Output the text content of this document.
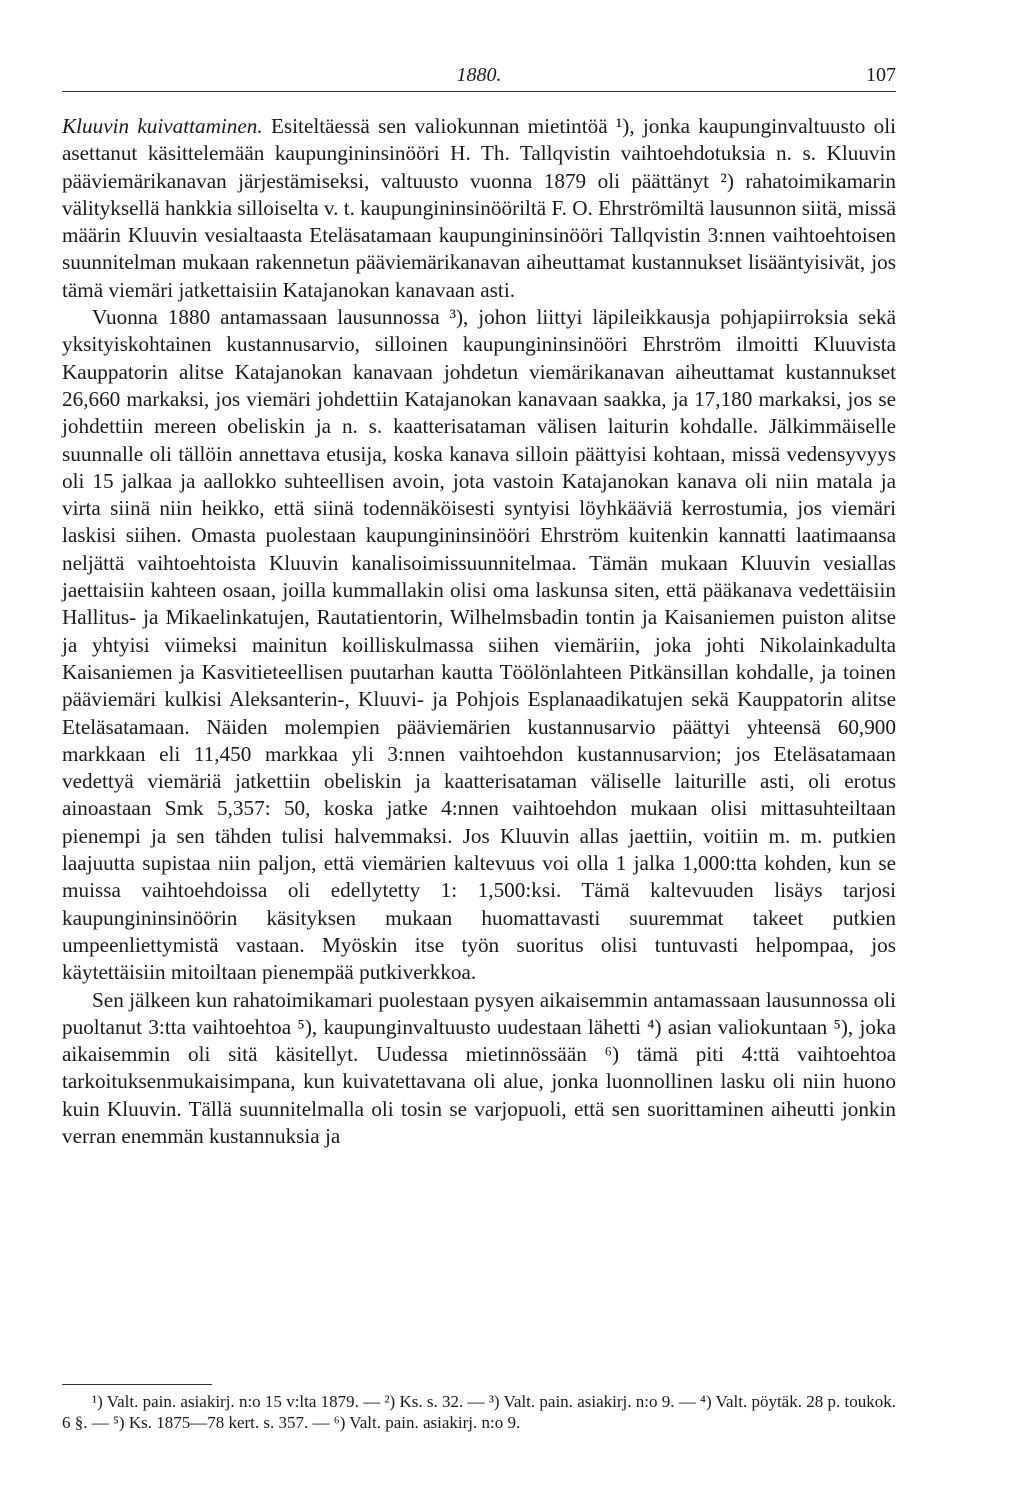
1880.	107

Kluuvin kuivattaminen. Esiteltäessä sen valiokunnan mietintöä ¹), jonka kaupunginvaltuusto oli asettanut käsittelemään kaupungininsinööri H. Th. Tallqvistin vaihtoehdotuksia n. s. Kluuvin pääviemärikanavan järjestämiseksi, valtuusto vuonna 1879 oli päättänyt ²) rahatoimikamarin välityksellä hankkia silloiselta v. t. kaupungininsinööriltä F. O. Ehrströmiltä lausunnon siitä, missä määrin Kluuvin vesialtaasta Eteläsatamaan kaupungininsinööri Tallqvistin 3:nnen vaihtoehtoisen suunnitelman mukaan rakennetun pääviemärikanavan aiheuttamat kustannukset lisääntyisivät, jos tämä viemäri jatkettaisiin Katajanokan kanavaan asti.

Vuonna 1880 antamassaan lausunnossa ³), johon liittyi läpileikkausja pohjapiirroksia sekä yksityiskohtainen kustannusarvio, silloinen kaupungininsinööri Ehrström ilmoitti Kluuvista Kauppatorin alitse Katajanokan kanavaan johdetun viemärikanavan aiheuttamat kustannukset 26,660 markaksi, jos viemäri johdettiin Katajanokan kanavaan saakka, ja 17,180 markaksi, jos se johdettiin mereen obeliskin ja n. s. kaatterisataman välisen laiturin kohdalle. Jälkimmäiselle suunnalle oli tällöin annettava etusija, koska kanava silloin päättyisi kohtaan, missä vedensyvyys oli 15 jalkaa ja aallokko suhteellisen avoin, jota vastoin Katajanokan kanava oli niin matala ja virta siinä niin heikko, että siinä todennäköisesti syntyisi löyhkääviä kerrostumia, jos viemäri laskisi siihen. Omasta puolestaan kaupungininsinööri Ehrström kuitenkin kannatti laatimaansa neljättä vaihtoehtoista Kluuvin kanalisoimissuunnitelmaa. Tämän mukaan Kluuvin vesiallas jaettaisiin kahteen osaan, joilla kummallakin olisi oma laskunsa siten, että pääkanava vedettäisiin Hallitus- ja Mikaelinkatujen, Rautatientorin, Wilhelmsbadin tontin ja Kaisaniemen puiston alitse ja yhtyisi viimeksi mainitun koilliskulmassa siihen viemäriin, joka johti Nikolainkadulta Kaisaniemen ja Kasvitieteellisen puutarhan kautta Töölönlahteen Pitkänsillan kohdalle, ja toinen pääviemäri kulkisi Aleksanterin-, Kluuvi- ja Pohjois Esplanaadikatujen sekä Kauppatorin alitse Eteläsatamaan. Näiden molempien pääviemärien kustannusarvio päättyi yhteensä 60,900 markkaan eli 11,450 markkaa yli 3:nnen vaihtoehdon kustannusarvion; jos Eteläsatamaan vedettyä viemäriä jatkettiin obeliskin ja kaatterisataman väliselle laiturille asti, oli erotus ainoastaan Smk 5,357: 50, koska jatke 4:nnen vaihtoehdon mukaan olisi mittasuhteiltaan pienempi ja sen tähden tulisi halvemmaksi. Jos Kluuvin allas jaettiin, voitiin m. m. putkien laajuutta supistaa niin paljon, että viemärien kaltevuus voi olla 1 jalka 1,000:tta kohden, kun se muissa vaihtoehdoissa oli edellytetty 1: 1,500:ksi. Tämä kaltevuuden lisäys tarjosi kaupungininsinöörin käsityksen mukaan huomattavasti suuremmat takeet putkien umpeenliettymistä vastaan. Myöskin itse työn suoritus olisi tuntuvasti helpompaa, jos käytettäisiin mitoiltaan pienempää putkiverkkoa.

Sen jälkeen kun rahatoimikamari puolestaan pysyen aikaisemmin antamassaan lausunnossa oli puoltanut 3:tta vaihtoehtoa ⁵), kaupunginvaltuusto uudestaan lähetti ⁴) asian valiokuntaan ⁵), joka aikaisemmin oli sitä käsitellyt. Uudessa mietinnössään ⁶) tämä piti 4:ttä vaihtoehtoa tarkoituksenmukaisimpana, kun kuivatettavana oli alue, jonka luonnollinen lasku oli niin huono kuin Kluuvin. Tällä suunnitelmalla oli tosin se varjopuoli, että sen suorittaminen aiheutti jonkin verran enemmän kustannuksia ja

¹) Valt. pain. asiakirj. n:o 15 v:lta 1879. — ²) Ks. s. 32. — ³) Valt. pain. asiakirj. n:o 9. — ⁴) Valt. pöytäk. 28 p. toukok. 6 §. — ⁵) Ks. 1875—78 kert. s. 357. — ⁶) Valt. pain. asiakirj. n:o 9.
